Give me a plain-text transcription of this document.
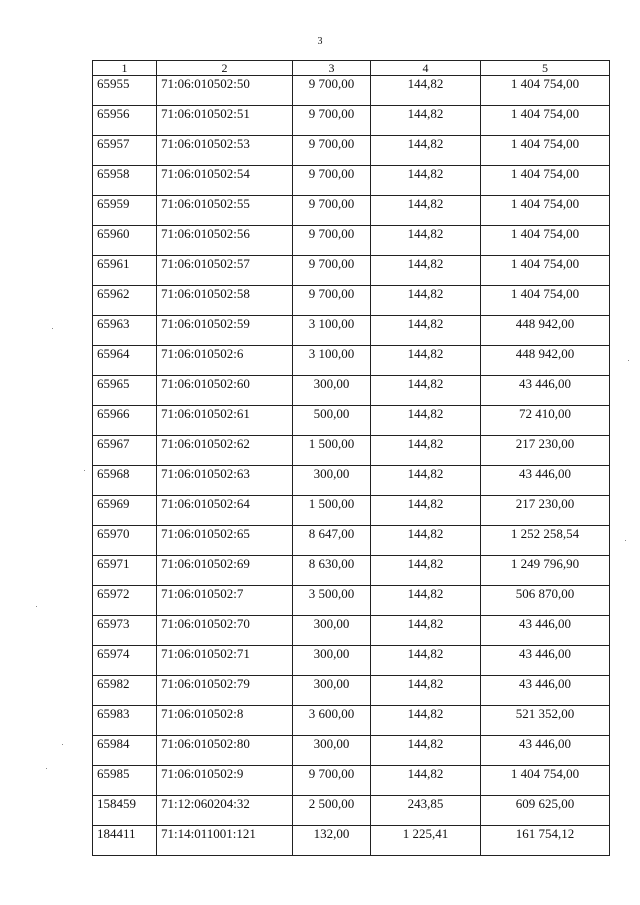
3
1	2	3	4	5
65955	71:06:010502:50	9 700,00	144,82	1 404 754,00
65956	71:06:010502:51	9 700,00	144,82	1 404 754,00
65957	71:06:010502:53	9 700,00	144,82	1 404 754,00
65958	71:06:010502:54	9 700,00	144,82	1 404 754,00
65959	71:06:010502:55	9 700,00	144,82	1 404 754,00
65960	71:06:010502:56	9 700,00	144,82	1 404 754,00
65961	71:06:010502:57	9 700,00	144,82	1 404 754,00
65962	71:06:010502:58	9 700,00	144,82	1 404 754,00
65963	71:06:010502:59	3 100,00	144,82	448 942,00
65964	71:06:010502:6	3 100,00	144,82	448 942,00
65965	71:06:010502:60	300,00	144,82	43 446,00
65966	71:06:010502:61	500,00	144,82	72 410,00
65967	71:06:010502:62	1 500,00	144,82	217 230,00
65968	71:06:010502:63	300,00	144,82	43 446,00
65969	71:06:010502:64	1 500,00	144,82	217 230,00
65970	71:06:010502:65	8 647,00	144,82	1 252 258,54
65971	71:06:010502:69	8 630,00	144,82	1 249 796,90
65972	71:06:010502:7	3 500,00	144,82	506 870,00
65973	71:06:010502:70	300,00	144,82	43 446,00
65974	71:06:010502:71	300,00	144,82	43 446,00
65982	71:06:010502:79	300,00	144,82	43 446,00
65983	71:06:010502:8	3 600,00	144,82	521 352,00
65984	71:06:010502:80	300,00	144,82	43 446,00
65985	71:06:010502:9	9 700,00	144,82	1 404 754,00
158459	71:12:060204:32	2 500,00	243,85	609 625,00
184411	71:14:011001:121	132,00	1 225,41	161 754,12
